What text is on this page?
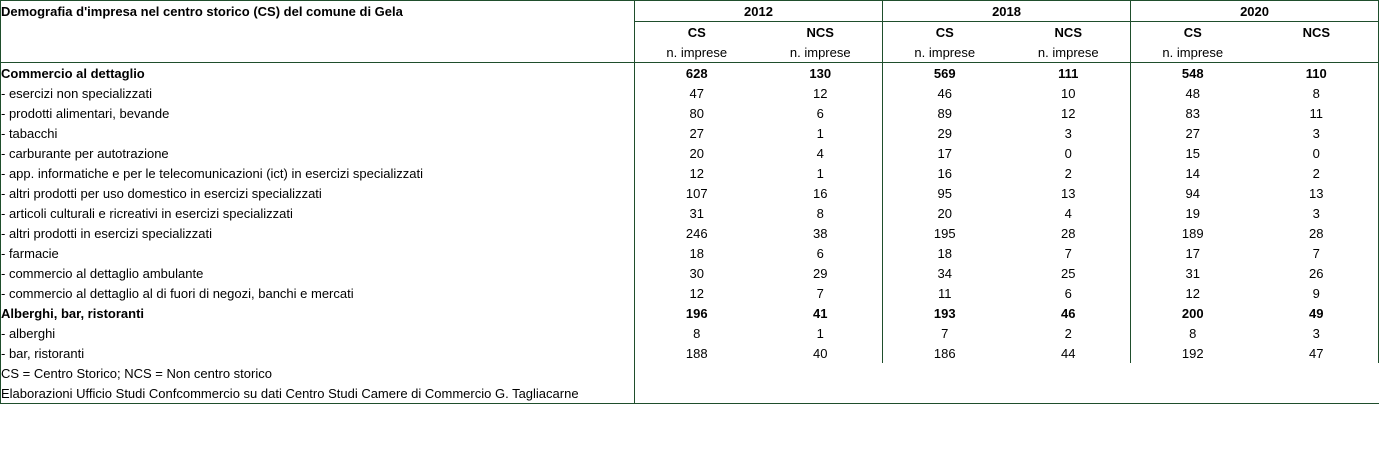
Demografia d'impresa nel centro storico (CS) del comune di Gela	2012		2018		2020		
	CS	NCS	CS	NCS	CS	NCS	
	n. imprese	n. imprese	n. imprese	n. imprese	n. imprese		
Commercio al dettaglio	628	130	569	111	548	110	
- esercizi non specializzati	47	12	46	10	48	8	
- prodotti alimentari, bevande	80	6	89	12	83	11	
- tabacchi	27	1	29	3	27	3	
- carburante per autotrazione	20	4	17	0	15	0	
- app. informatiche e per le telecomunicazioni (ict) in esercizi specializzati	12	1	16	2	14	2	
- altri prodotti per uso domestico in esercizi specializzati	107	16	95	13	94	13	
- articoli culturali e ricreativi in esercizi specializzati	31	8	20	4	19	3	
- altri prodotti in esercizi specializzati	246	38	195	28	189	28	
- farmacie	18	6	18	7	17	7	
- commercio al dettaglio ambulante	30	29	34	25	31	26	
- commercio al dettaglio al di fuori di negozi, banchi e mercati	12	7	11	6	12	9	
Alberghi, bar, ristoranti	196	41	193	46	200	49	
- alberghi	8	1	7	2	8	3	
- bar, ristoranti	188	40	186	44	192	47	
CS = Centro Storico; NCS = Non centro storico							
Elaborazioni Ufficio Studi Confcommercio su dati Centro Studi Camere di Commercio G. Tagliacarne							
